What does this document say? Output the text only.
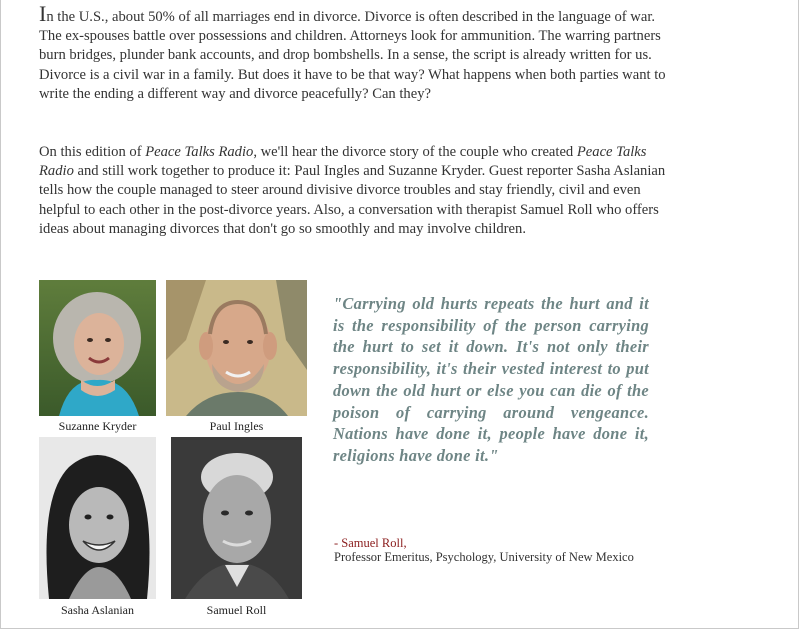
In the U.S., about 50% of all marriages end in divorce. Divorce is often described in the language of war. The ex-spouses battle over possessions and children. Attorneys look for ammunition. The warring partners burn bridges, plunder bank accounts, and drop bombshells. In a sense, the script is already written for us. Divorce is a civil war in a family. But does it have to be that way? What happens when both parties want to write the ending a different way and divorce peacefully? Can they?

On this edition of Peace Talks Radio, we'll hear the divorce story of the couple who created Peace Talks Radio and still work together to produce it: Paul Ingles and Suzanne Kryder. Guest reporter Sasha Aslanian tells how the couple managed to steer around divisive divorce troubles and stay friendly, civil and even helpful to each other in the post-divorce years. Also, a conversation with therapist Samuel Roll who offers ideas about managing divorces that don't go so smoothly and may involve children.

Suzanne Kryder	Paul Ingles
Sasha Aslanian	Samuel Roll

"Carrying old hurts repeats the hurt and it is the responsibility of the person carrying the hurt to set it down. It's not only their responsibility, it's their vested interest to put down the old hurt or else you can die of the poison of carrying around vengeance. Nations have done it, people have done it, religions have done it."

- Samuel Roll,
Professor Emeritus, Psychology, University of New Mexico
